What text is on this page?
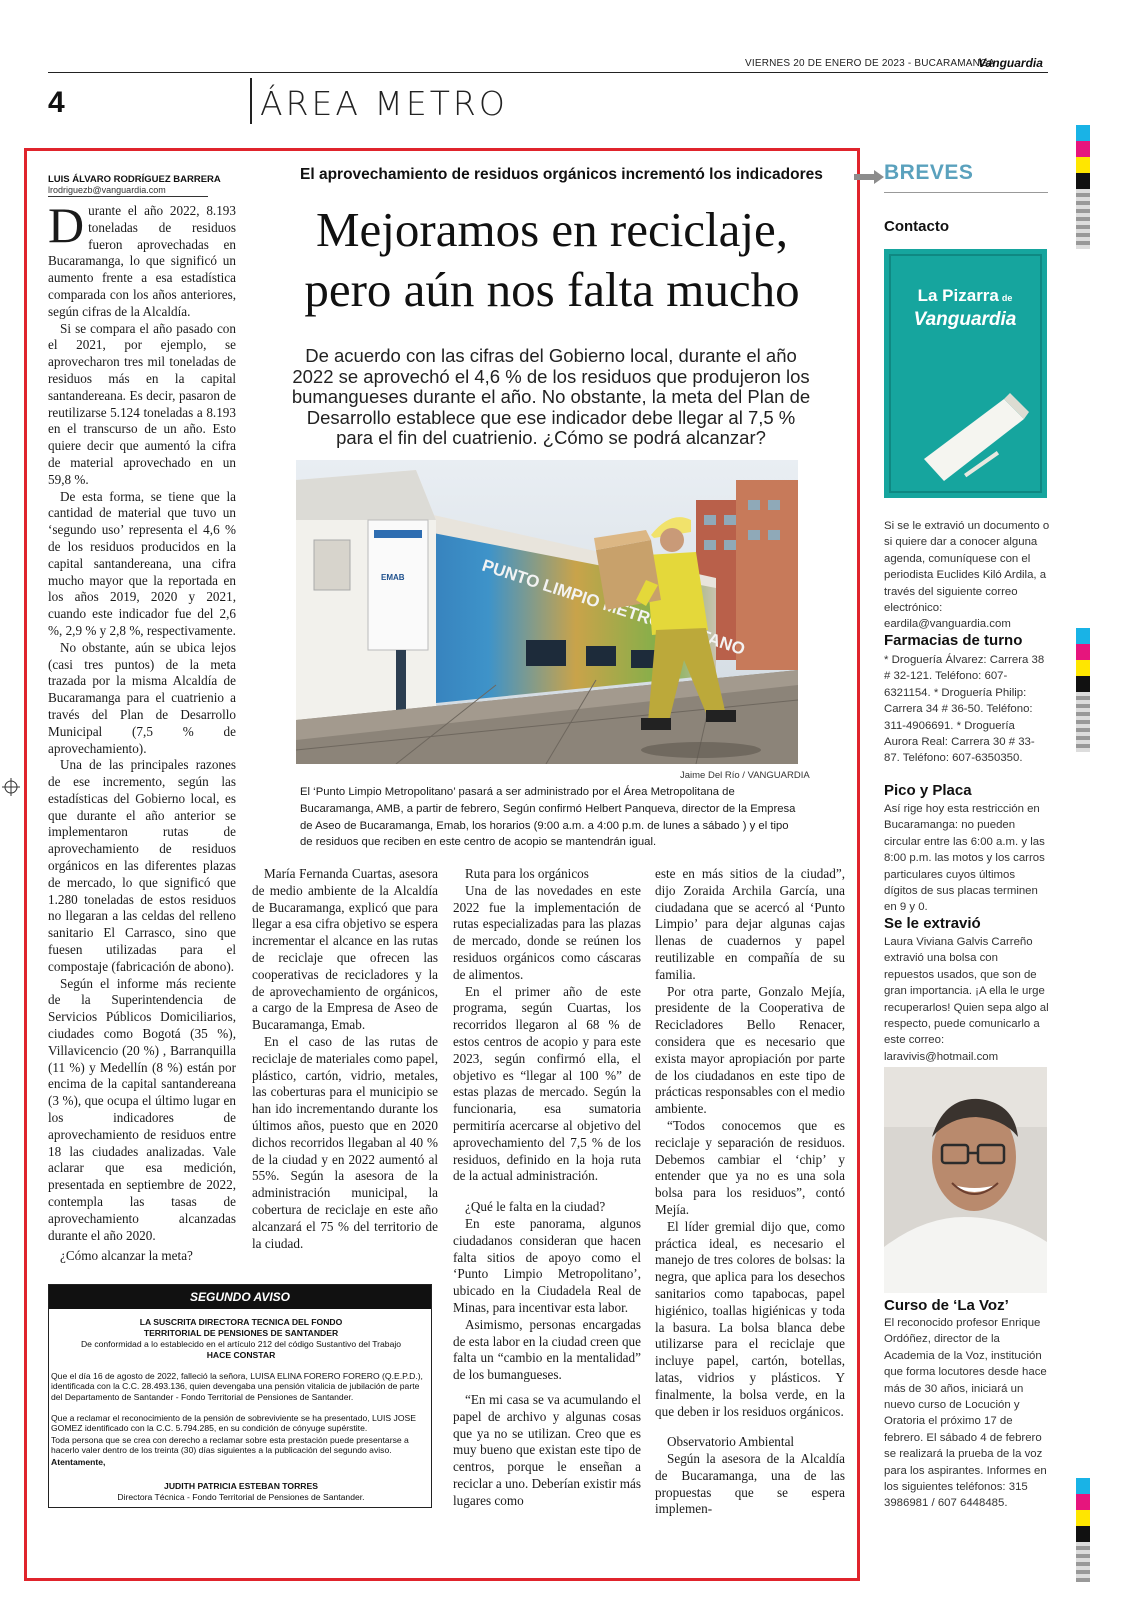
VIERNES 20 DE ENERO DE 2023 - BUCARAMANGA
Vanguardia
4	ÁREA METRO
LUIS ÁLVARO RODRÍGUEZ BARRERA
lrodriguezb@vanguardia.com
El aprovechamiento de residuos orgánicos incrementó los indicadores
Mejoramos en reciclaje,
pero aún nos falta mucho
De acuerdo con las cifras del Gobierno local, durante el año 2022 se aprovechó el 4,6 % de los residuos que produjeron los bumangueses durante el año. No obstante, la meta del Plan de Desarrollo establece que ese indicador debe llegar al 7,5 % para el fin del cuatrienio. ¿Cómo se podrá alcanzar?
EMAB	PUNTO LIMPIO
Jaime Del Río / VANGUARDIA
El ‘Punto Limpio Metropolitano’ pasará a ser administrado por el Área Metropolitana de Bucaramanga, AMB, a partir de febrero, Según confirmó Helbert Panqueva, director de la Empresa de Aseo de Bucaramanga, Emab, los horarios (9:00 a.m. a 4:00 p.m. de lunes a sábado ) y el tipo de residuos que reciben en este centro de acopio se mantendrán igual.

Durante el año 2022, 8.193 toneladas de residuos fueron aprovechadas en Bucaramanga, lo que significó un aumento frente a esa estadística comparada con los años anteriores, según cifras de la Alcaldía.

Si se compara el año pasado con el 2021, por ejemplo, se aprovecharon tres mil toneladas de residuos más en la capital santandereana. Es decir, pasaron de reutilizarse 5.124 toneladas a 8.193 en el transcurso de un año. Esto quiere decir que aumentó la cifra de material aprovechado en un 59,8 %.

De esta forma, se tiene que la cantidad de material que tuvo un ‘segundo uso’ representa el 4,6 % de los residuos producidos en la capital santandereana, una cifra mucho mayor que la reportada en los años 2019, 2020 y 2021, cuando este indicador fue del 2,6 %, 2,9 % y 2,8 %, respectivamente.

No obstante, aún se ubica lejos (casi tres puntos) de la meta trazada por la misma Alcaldía de Bucaramanga para el cuatrienio a través del Plan de Desarrollo Municipal (7,5 % de aprovechamiento).

Una de las principales razones de ese incremento, según las estadísticas del Gobierno local, es que durante el año anterior se implementaron rutas de aprovechamiento de residuos orgánicos en las diferentes plazas de mercado, lo que significó que 1.280 toneladas de estos residuos no llegaran a las celdas del relleno sanitario El Carrasco, sino que fuesen utilizadas para el compostaje (fabricación de abono).

Según el informe más reciente de la Superintendencia de Servicios Públicos Domiciliarios, ciudades como Bogotá (35 %), Villavicencio (20 %) , Barranquilla (11 %) y Medellín (8 %) están por encima de la capital santandereana (3 %), que ocupa el último lugar en los indicadores de aprovechamiento de residuos entre 18 las ciudades analizadas. Vale aclarar que esa medición, presentada en septiembre de 2022, contempla las tasas de aprovechamiento alcanzadas durante el año 2020.

¿Cómo alcanzar la meta?

María Fernanda Cuartas, asesora de medio ambiente de la Alcaldía de Bucaramanga, explicó que para llegar a esa cifra objetivo se espera incrementar el alcance en las rutas de reciclaje que ofrecen las cooperativas de recicladores y la de aprovechamiento de orgánicos, a cargo de la Empresa de Aseo de Bucaramanga, Emab.

En el caso de las rutas de reciclaje de materiales como papel, plástico, cartón, vidrio, metales, las coberturas para el municipio se han ido incrementando durante los últimos años, puesto que en 2020 dichos recorridos llegaban al 40 % de la ciudad y en 2022 aumentó al 55%. Según la asesora de la administración municipal, la cobertura de reciclaje en este año alcanzará el 75 % del territorio de la ciudad.

Ruta para los orgánicos

Una de las novedades en este 2022 fue la implementación de rutas especializadas para las plazas de mercado, donde se reúnen los residuos orgánicos como cáscaras de alimentos.

En el primer año de este programa, según Cuartas, los recorridos llegaron al 68 % de estos centros de acopio y para este 2023, según confirmó ella, el objetivo es “llegar al 100 %” de estas plazas de mercado. Según la funcionaria, esa sumatoria permitiría acercarse al objetivo del aprovechamiento del 7,5 % de los residuos, definido en la hoja ruta de la actual administración.

¿Qué le falta en la ciudad?

En este panorama, algunos ciudadanos consideran que hacen falta sitios de apoyo como el ‘Punto Limpio Metropolitano’, ubicado en la Ciudadela Real de Minas, para incentivar esta labor.

Asimismo, personas encargadas de esta labor en la ciudad creen que falta un “cambio en la mentalidad” de los bumangueses.

“En mi casa se va acumulando el papel de archivo y algunas cosas que ya no se utilizan. Creo que es muy bueno que existan este tipo de centros, porque le enseñan a reciclar a uno. Deberían existir más lugares como

este en más sitios de la ciudad”, dijo Zoraida Archila García, una ciudadana que se acercó al ‘Punto Limpio’ para dejar algunas cajas llenas de cuadernos y papel reutilizable en compañía de su familia.

Por otra parte, Gonzalo Mejía, presidente de la Cooperativa de Recicladores Bello Renacer, considera que es necesario que exista mayor apropiación por parte de los ciudadanos en este tipo de prácticas responsables con el medio ambiente.

“Todos conocemos que es reciclaje y separación de residuos. Debemos cambiar el ‘chip’ y entender que ya no es una sola bolsa para los residuos”, contó Mejía.

El líder gremial dijo que, como práctica ideal, es necesario el manejo de tres colores de bolsas: la negra, que aplica para los desechos sanitarios como tapabocas, papel higiénico, toallas higiénicas y toda la basura. La bolsa blanca debe utilizarse para el reciclaje que incluye papel, cartón, botellas, latas, vidrios y plásticos. Y finalmente, la bolsa verde, en la que deben ir los residuos orgánicos.

Observatorio Ambiental

Según la asesora de la Alcaldía de Bucaramanga, una de las propuestas que se espera implemen-

SEGUNDO AVISO
LA SUSCRITA DIRECTORA TECNICA DEL FONDO
TERRITORIAL DE PENSIONES DE SANTANDER
De conformidad a lo establecido en el artículo 212 del código Sustantivo del Trabajo
HACE CONSTAR
Que el día 16 de agosto de 2022, falleció la señora, LUISA ELINA FORERO FORERO (Q.E.P.D.), identificada con la C.C. 28.493.136, quien devengaba una pensión vitalicia de jubilación de parte del Departamento de Santander - Fondo Territorial de Pensiones de Santander.
Que a reclamar el reconocimiento de la pensión de sobreviviente se ha presentado, LUIS JOSE GOMEZ identificado con la C.C. 5.794.285, en su condición de cónyuge supérstite.
Toda persona que se crea con derecho a reclamar sobre esta prestación puede presentarse a hacerlo valer dentro de los treinta (30) días siguientes a la publicación del segundo aviso.
Atentamente,
JUDITH PATRICIA ESTEBAN TORRES
Directora Técnica - Fondo Territorial de Pensiones de Santander.
BREVES
Contacto
La Pizarra de
Vanguardia
Si se le extravió un documento o si quiere dar a conocer alguna agenda, comuníquese con el periodista Euclides Kiló Ardila, a través del siguiente correo electrónico: eardila@vanguardia.com
Farmacias de turno
* Droguería Álvarez: Carrera 38 # 32-121. Teléfono: 607-6321154. * Droguería Philip: Carrera 34 # 36-50. Teléfono: 311-4906691. * Droguería Aurora Real: Carrera 30 # 33-87. Teléfono: 607-6350350.
Pico y Placa
Así rige hoy esta restricción en Bucaramanga: no pueden circular entre las 6:00 a.m. y las 8:00 p.m. las motos y los carros particulares cuyos últimos dígitos de sus placas terminen en 9 y 0.
Se le extravió
Laura Viviana Galvis Carreño extravió una bolsa con repuestos usados, que son de gran importancia. ¡A ella le urge recuperarlos! Quien sepa algo al respecto, puede comunicarlo a este correo: laravivis@hotmail.com
Curso de ‘La Voz’
El reconocido profesor Enrique Ordóñez, director de la Academia de la Voz, institución que forma locutores desde hace más de 30 años, iniciará un nuevo curso de Locución y Oratoria el próximo 17 de febrero. El sábado 4 de febrero se realizará la prueba de la voz para los aspirantes. Informes en los siguientes teléfonos: 315 3986981 / 607 6448485.
